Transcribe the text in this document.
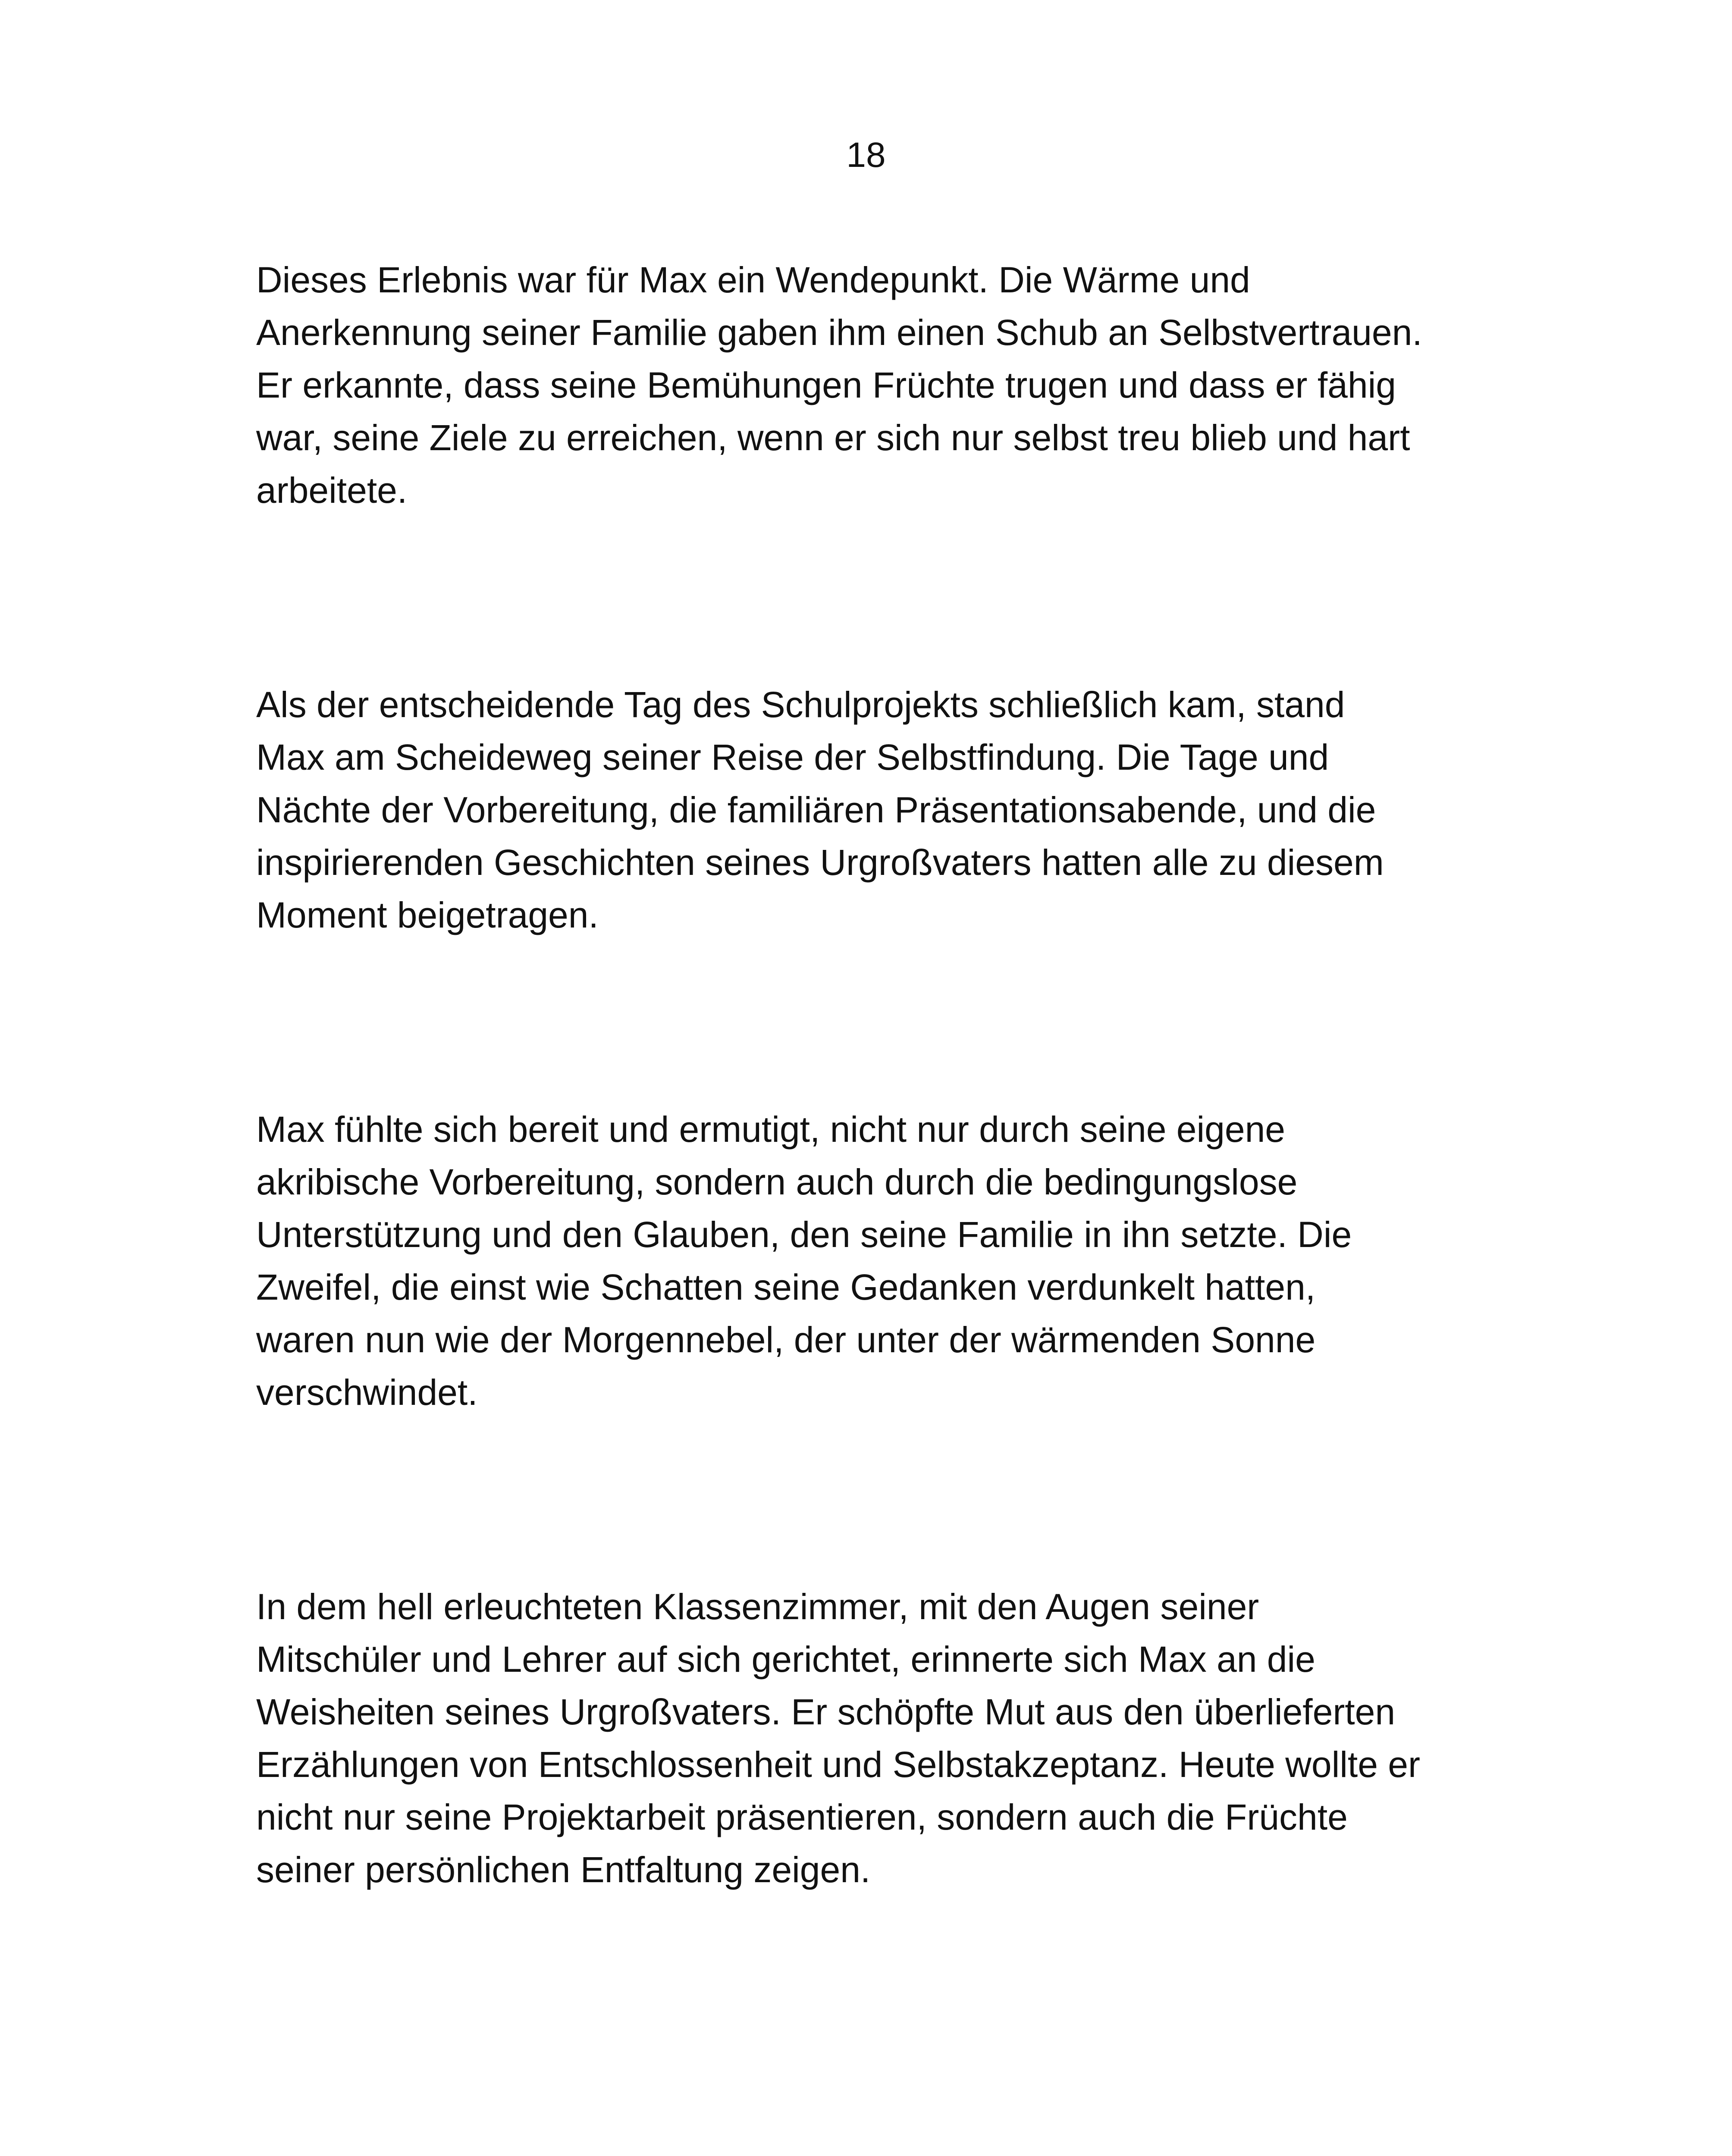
18

Dieses Erlebnis war für Max ein Wendepunkt. Die Wärme und
Anerkennung seiner Familie gaben ihm einen Schub an Selbstvertrauen.
Er erkannte, dass seine Bemühungen Früchte trugen und dass er fähig
war, seine Ziele zu erreichen, wenn er sich nur selbst treu blieb und hart
arbeitete.

Als der entscheidende Tag des Schulprojekts schließlich kam, stand
Max am Scheideweg seiner Reise der Selbstfindung. Die Tage und
Nächte der Vorbereitung, die familiären Präsentationsabende, und die
inspirierenden Geschichten seines Urgroßvaters hatten alle zu diesem
Moment beigetragen.

Max fühlte sich bereit und ermutigt, nicht nur durch seine eigene
akribische Vorbereitung, sondern auch durch die bedingungslose
Unterstützung und den Glauben, den seine Familie in ihn setzte. Die
Zweifel, die einst wie Schatten seine Gedanken verdunkelt hatten,
waren nun wie der Morgennebel, der unter der wärmenden Sonne
verschwindet.

In dem hell erleuchteten Klassenzimmer, mit den Augen seiner
Mitschüler und Lehrer auf sich gerichtet, erinnerte sich Max an die
Weisheiten seines Urgroßvaters. Er schöpfte Mut aus den überlieferten
Erzählungen von Entschlossenheit und Selbstakzeptanz. Heute wollte er
nicht nur seine Projektarbeit präsentieren, sondern auch die Früchte
seiner persönlichen Entfaltung zeigen.
